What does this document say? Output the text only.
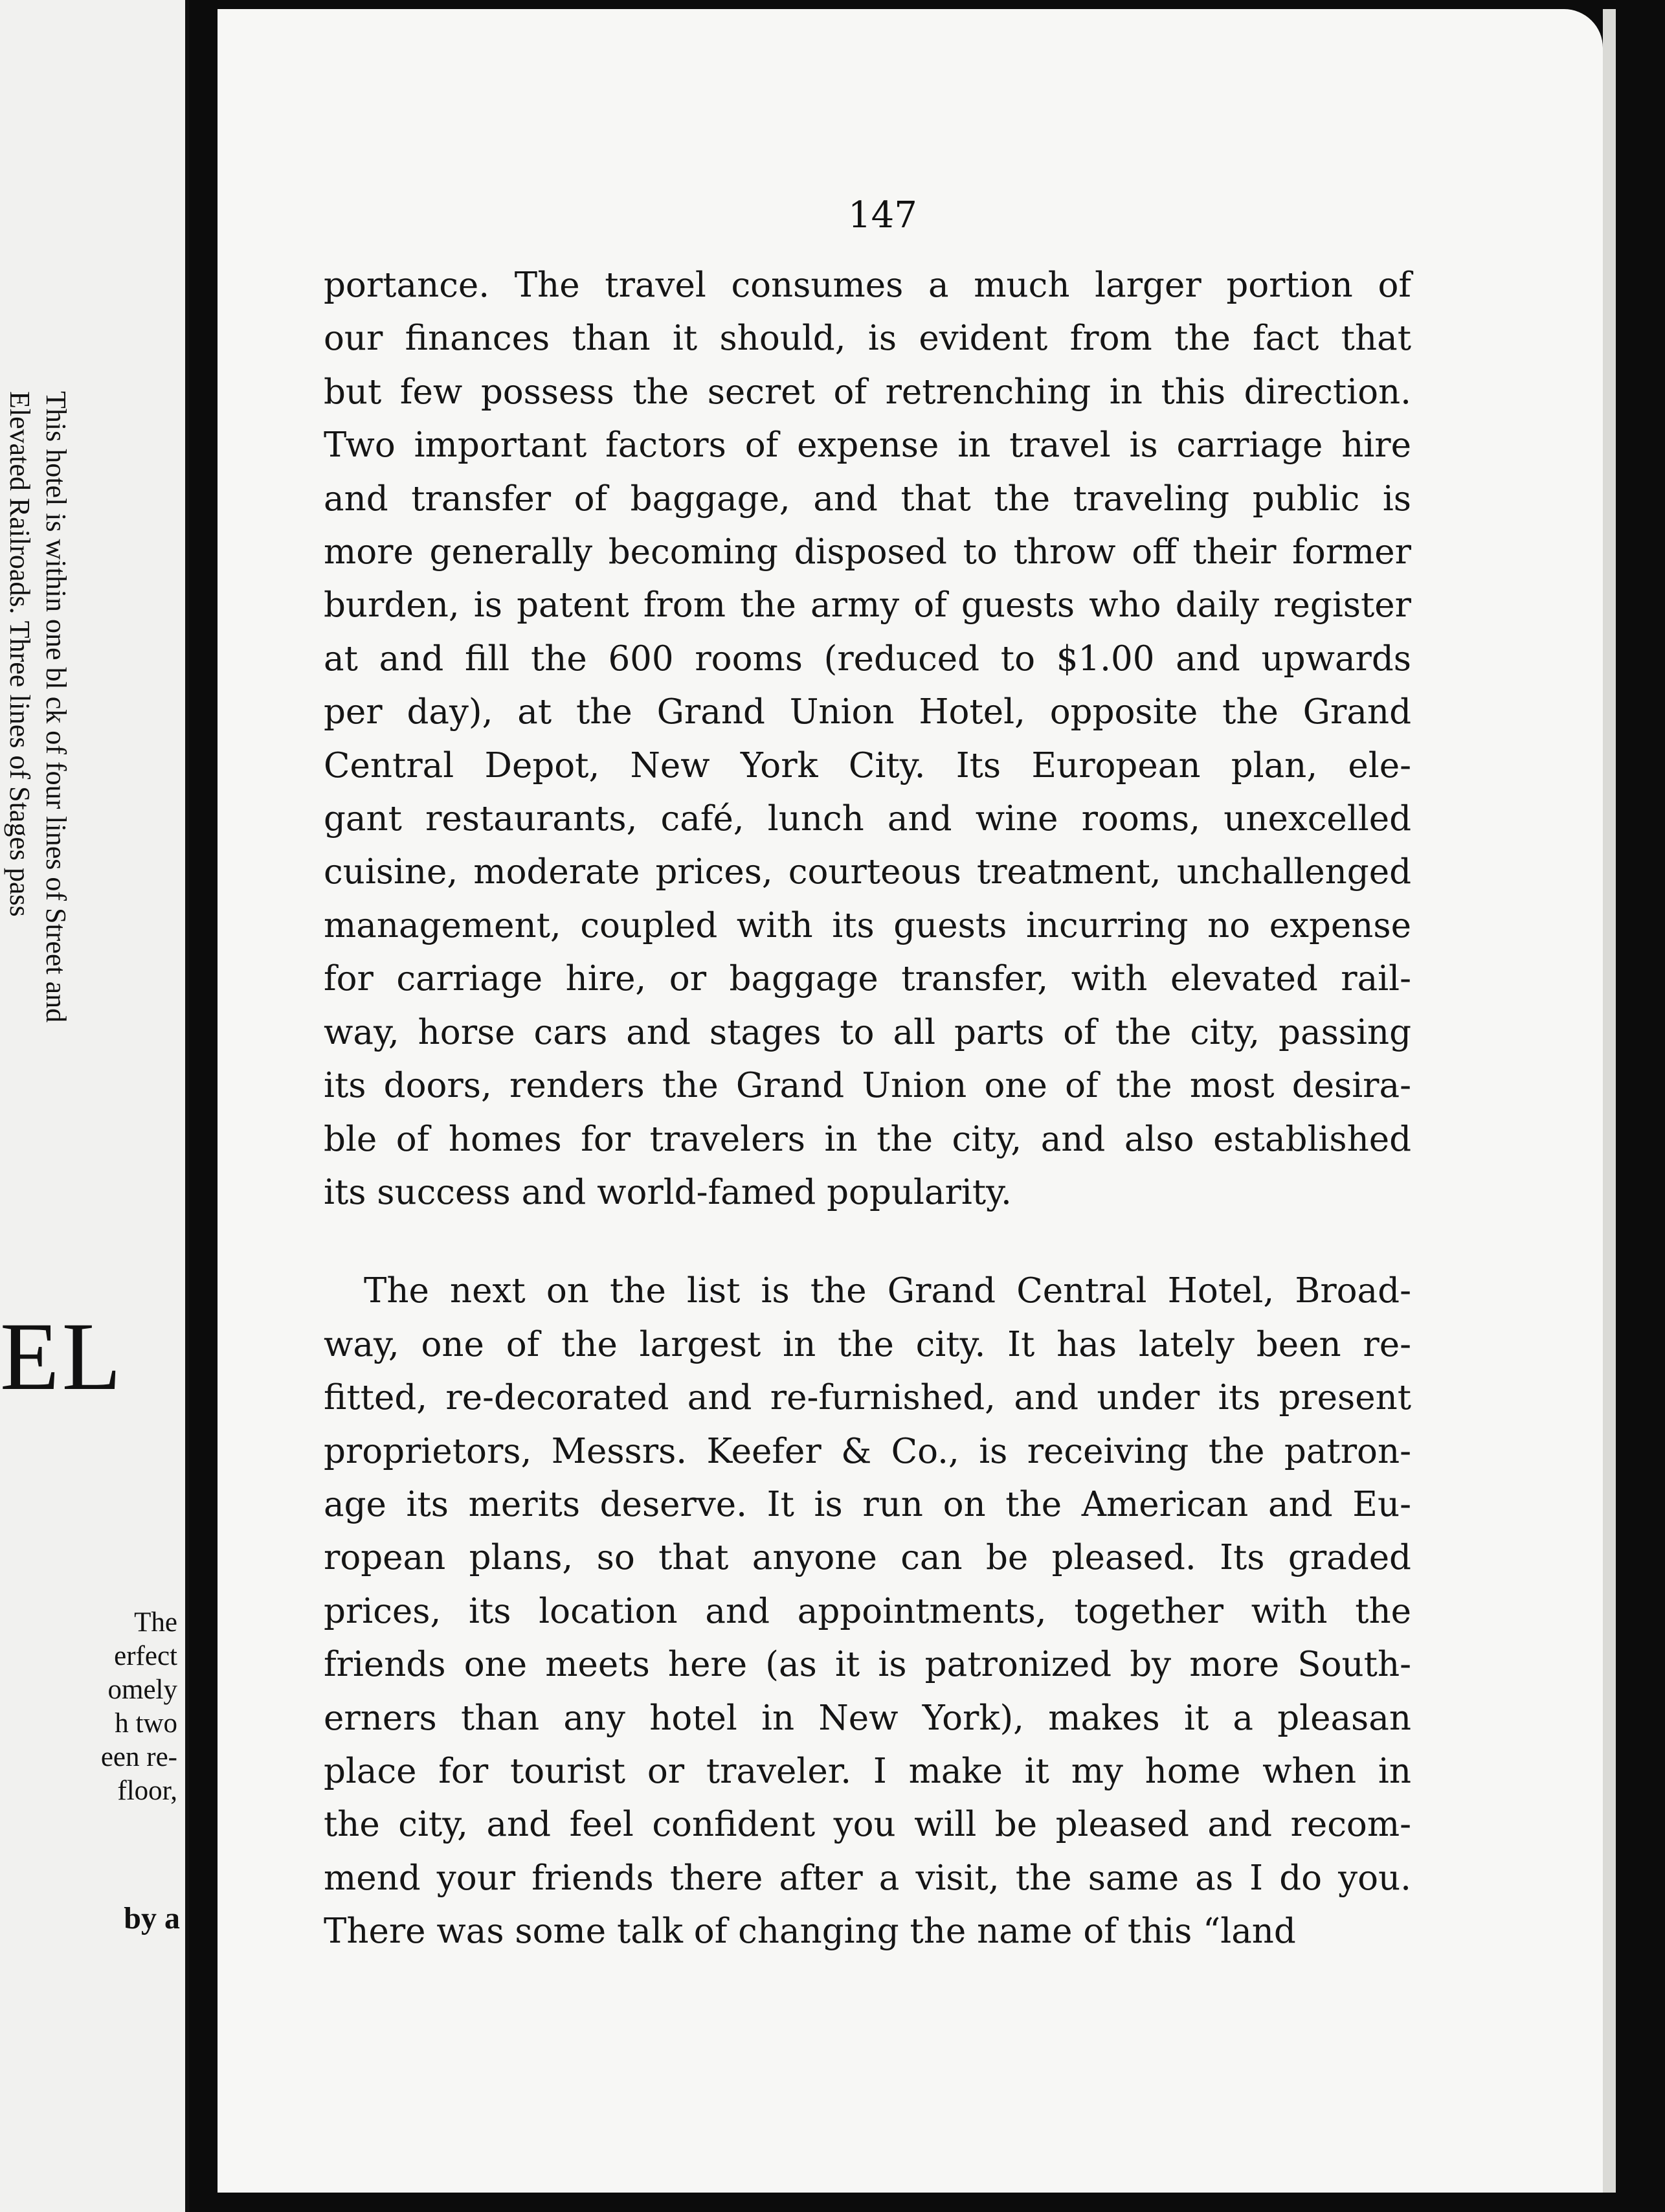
This hotel is within one bl ck of four lines of Street and
Elevated Railroads. Three lines of Stages pass
EL
The
erfect
omely
h two
een re-
floor,
by a
147
portance. The travel consumes a much larger portion of
our finances than it should, is evident from the fact that
but few possess the secret of retrenching in this direction.
Two important factors of expense in travel is carriage hire
and transfer of baggage, and that the traveling public is
more generally becoming disposed to throw off their former
burden, is patent from the army of guests who daily register
at and fill the 600 rooms (reduced to $1.00 and upwards
per day), at the Grand Union Hotel, opposite the Grand
Central Depot, New York City. Its European plan, ele-
gant restaurants, café, lunch and wine rooms, unexcelled
cuisine, moderate prices, courteous treatment, unchallenged
management, coupled with its guests incurring no expense
for carriage hire, or baggage transfer, with elevated rail-
way, horse cars and stages to all parts of the city, passing
its doors, renders the Grand Union one of the most desira-
ble of homes for travelers in the city, and also established
its success and world-famed popularity.
The next on the list is the Grand Central Hotel, Broad-
way, one of the largest in the city. It has lately been re-
fitted, re-decorated and re-furnished, and under its present
proprietors, Messrs. Keefer & Co., is receiving the patron-
age its merits deserve. It is run on the American and Eu-
ropean plans, so that anyone can be pleased. Its graded
prices, its location and appointments, together with the
friends one meets here (as it is patronized by more South-
erners than any hotel in New York), makes it a pleasan
place for tourist or traveler. I make it my home when in
the city, and feel confident you will be pleased and recom-
mend your friends there after a visit, the same as I do you.
There was some talk of changing the name of this “land
